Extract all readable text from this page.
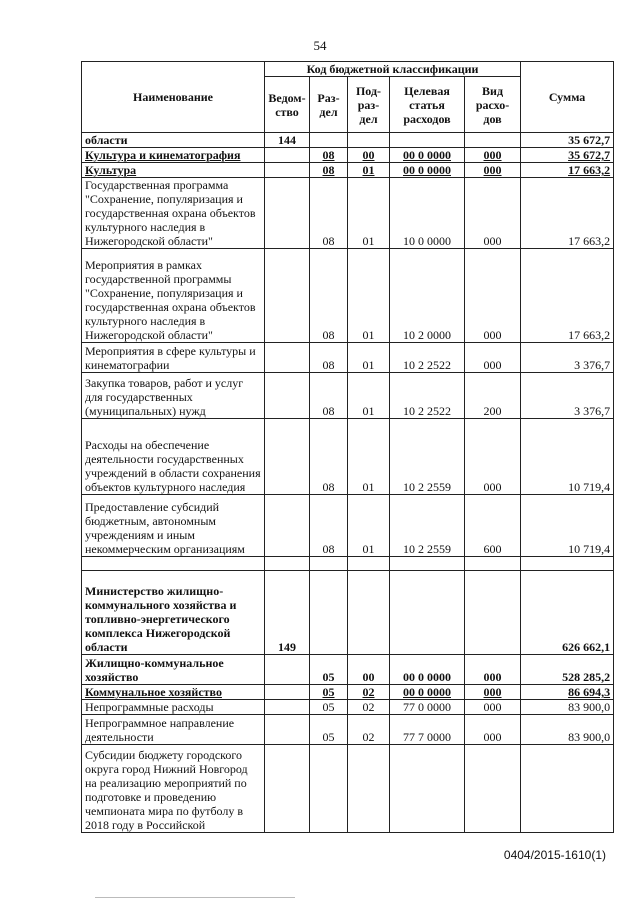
54
Наименование	Код бюджетной классификации					Сумма
	Ведом-ство	Раз-дел	Под-раз-дел	Целевая статья расходов	Вид расхо-дов	
области	144					35 672,7
Культура и кинематография		08	00	00 0 0000	000	35 672,7
Культура		08	01	00 0 0000	000	17 663,2
Государственная программа "Сохранение, популяризация и государственная охрана объектов культурного наследия в Нижегородской области"		08	01	10 0 0000	000	17 663,2
Мероприятия в рамках государственной программы "Сохранение, популяризация и государственная охрана объектов культурного наследия в Нижегородской области"		08	01	10 2 0000	000	17 663,2
Мероприятия в сфере культуры и кинематографии		08	01	10 2 2522	000	3 376,7
Закупка товаров, работ и услуг для государственных (муниципальных) нужд		08	01	10 2 2522	200	3 376,7
Расходы на обеспечение деятельности государственных учреждений в области сохранения объектов культурного наследия		08	01	10 2 2559	000	10 719,4
Предоставление субсидий бюджетным, автономным учреждениям и иным некоммерческим организациям		08	01	10 2 2559	600	10 719,4

Министерство жилищно-коммунального хозяйства и топливно-энергетического комплекса Нижегородской области	149					626 662,1
Жилищно-коммунальное хозяйство		05	00	00 0 0000	000	528 285,2
Коммунальное хозяйство		05	02	00 0 0000	000	86 694,3
Непрограммные расходы		05	02	77 0 0000	000	83 900,0
Непрограммное направление деятельности		05	02	77 7 0000	000	83 900,0
Субсидии бюджету городского округа город Нижний Новгород на реализацию мероприятий по подготовке и проведению чемпионата мира по футболу в 2018 году в Российской						
0404/2015-1610(1)
